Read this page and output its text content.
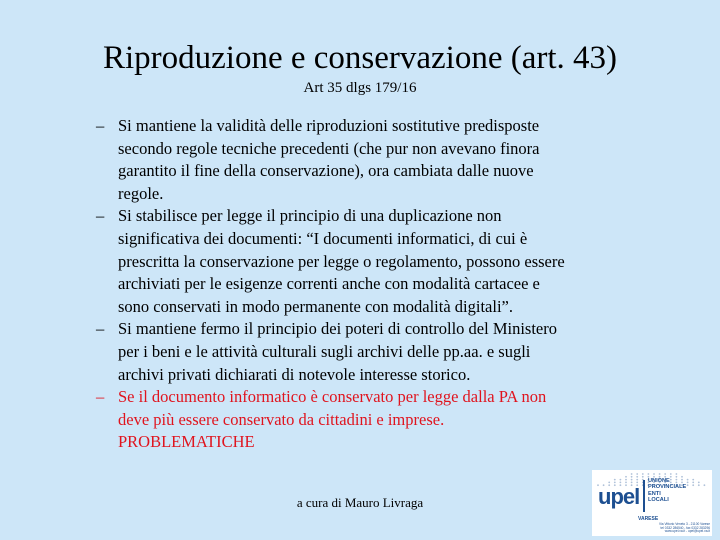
Riproduzione e conservazione (art. 43)
Art 35 dlgs 179/16
– Si mantiene la validità delle riproduzioni sostitutive predisposte
secondo regole tecniche precedenti (che pur non avevano finora
garantito il fine della conservazione), ora cambiata dalle nuove
regole.
– Si stabilisce per legge il principio di una duplicazione non
significativa dei documenti: “I documenti informatici, di cui è
prescritta la conservazione per legge o regolamento, possono essere
archiviati per le esigenze correnti anche con modalità cartacee e
sono conservati in modo permanente con modalità digitali”.
– Si mantiene fermo il principio dei poteri di controllo del Ministero
per i beni e le attività culturali sugli archivi delle pp.aa. e sugli
archivi privati dichiarati di notevole interesse storico.
– Se il documento informatico è conservato per legge dalla PA non
deve più essere conservato da cittadini e imprese.
PROBLEMATICHE
a cura di Mauro Livraga	upel
UNIONE
PROVINCIALE
ENTI
LOCALI
VARESE
Via Vittorio Veneto 3 - 21100 Varese
tel 0332 286540 - fax 0332 283296
www.upel.va.it - upel@upel.va.it
